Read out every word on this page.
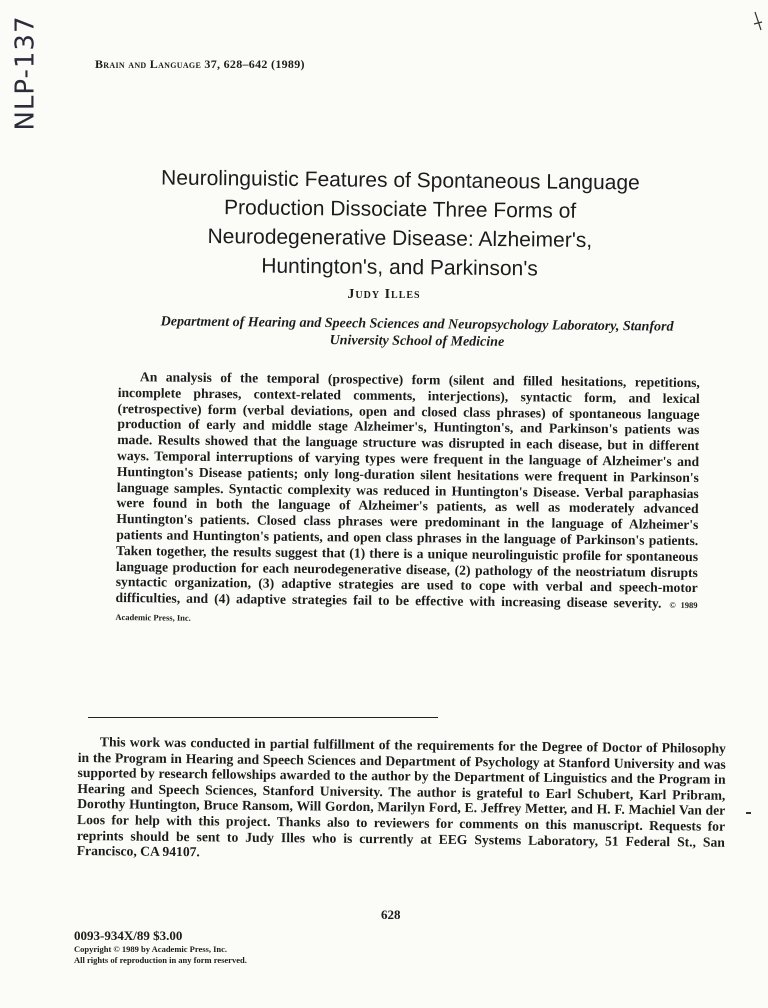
NLP-137	Brain and Language 37, 628–642 (1989)
Neurolinguistic Features of Spontaneous Language
Production Dissociate Three Forms of
Neurodegenerative Disease: Alzheimer's,
Huntington's, and Parkinson's
Judy Illes
Department of Hearing and Speech Sciences and Neuropsychology Laboratory, Stanford
University School of Medicine

An analysis of the temporal (prospective) form (silent and filled hesitations, repetitions, incomplete phrases, context-related comments, interjections), syntactic form, and lexical (retrospective) form (verbal deviations, open and closed class phrases) of spontaneous language production of early and middle stage Alzheimer's, Huntington's, and Parkinson's patients was made. Results showed that the language structure was disrupted in each disease, but in different ways. Temporal interruptions of varying types were frequent in the language of Alzheimer's and Huntington's Disease patients; only long-duration silent hesitations were frequent in Parkinson's language samples. Syntactic complexity was reduced in Huntington's Disease. Verbal paraphasias were found in both the language of Alzheimer's patients, as well as moderately advanced Huntington's patients. Closed class phrases were predominant in the language of Alzheimer's patients and Huntington's patients, and open class phrases in the language of Parkinson's patients. Taken together, the results suggest that (1) there is a unique neurolinguistic profile for spontaneous language production for each neurodegenerative disease, (2) pathology of the neostriatum disrupts syntactic organization, (3) adaptive strategies are used to cope with verbal and speech-motor difficulties, and (4) adaptive strategies fail to be effective with increasing disease severity. © 1989 Academic Press, Inc.

This work was conducted in partial fulfillment of the requirements for the Degree of Doctor of Philosophy in the Program in Hearing and Speech Sciences and Department of Psychology at Stanford University and was supported by research fellowships awarded to the author by the Department of Linguistics and the Program in Hearing and Speech Sciences, Stanford University. The author is grateful to Earl Schubert, Karl Pribram, Dorothy Huntington, Bruce Ransom, Will Gordon, Marilyn Ford, E. Jeffrey Metter, and H. F. Machiel Van der Loos for help with this project. Thanks also to reviewers for comments on this manuscript. Requests for reprints should be sent to Judy Illes who is currently at EEG Systems Laboratory, 51 Federal St., San Francisco, CA 94107.

628
0093-934X/89 $3.00
Copyright © 1989 by Academic Press, Inc.
All rights of reproduction in any form reserved.
